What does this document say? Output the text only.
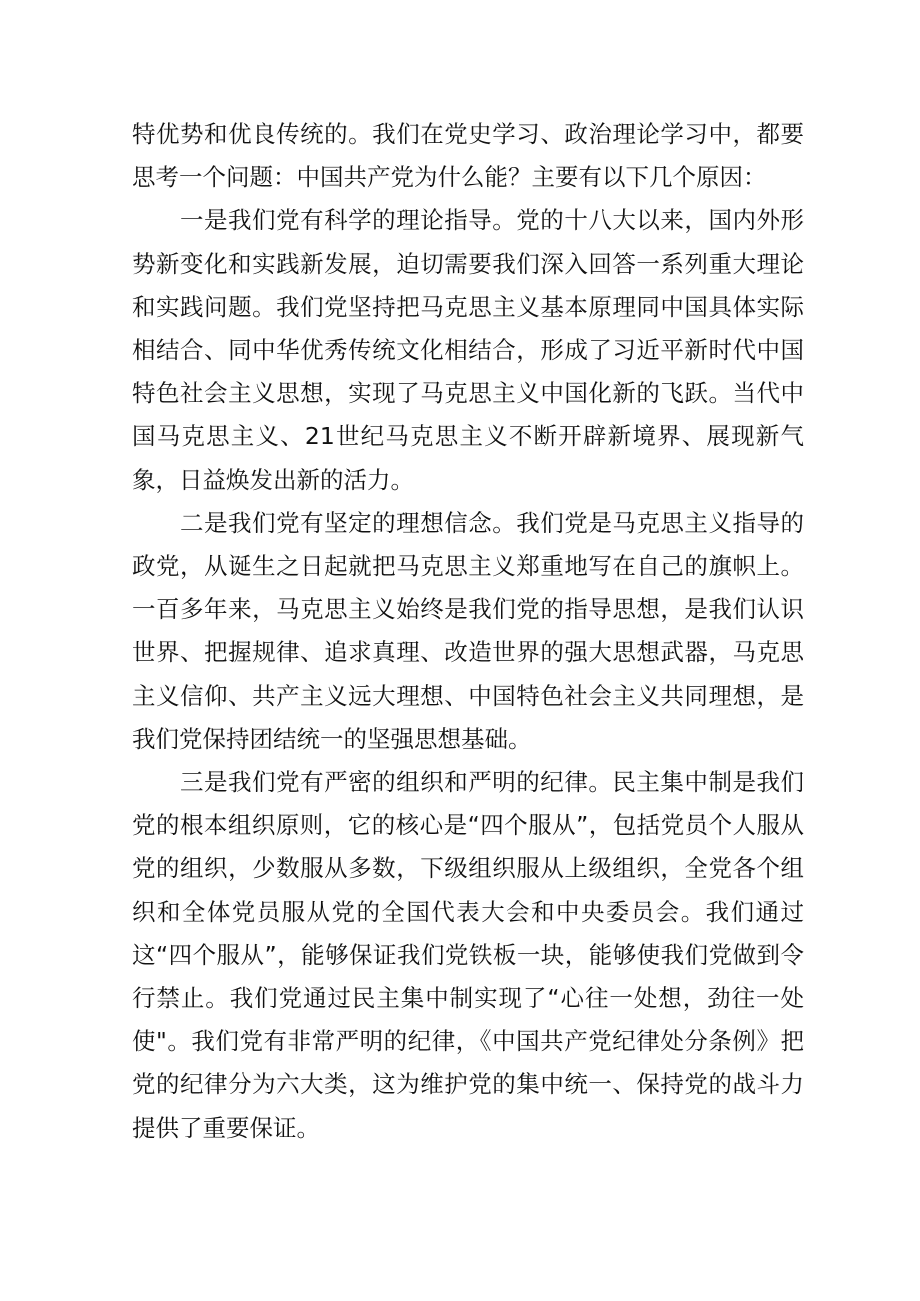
特优势和优良传统的。我们在党史学习、政治理论学习中，都要思考一个问题：中国共产党为什么能？主要有以下几个原因：

一是我们党有科学的理论指导。党的十八大以来，国内外形势新变化和实践新发展，迫切需要我们深入回答一系列重大理论和实践问题。我们党坚持把马克思主义基本原理同中国具体实际相结合、同中华优秀传统文化相结合，形成了习近平新时代中国特色社会主义思想，实现了马克思主义中国化新的飞跃。当代中国马克思主义、21世纪马克思主义不断开辟新境界、展现新气象，日益焕发出新的活力。

二是我们党有坚定的理想信念。我们党是马克思主义指导的政党，从诞生之日起就把马克思主义郑重地写在自己的旗帜上。一百多年来，马克思主义始终是我们党的指导思想，是我们认识世界、把握规律、追求真理、改造世界的强大思想武器，马克思主义信仰、共产主义远大理想、中国特色社会主义共同理想，是我们党保持团结统一的坚强思想基础。

三是我们党有严密的组织和严明的纪律。民主集中制是我们党的根本组织原则，它的核心是“四个服从”，包括党员个人服从党的组织，少数服从多数，下级组织服从上级组织，全党各个组织和全体党员服从党的全国代表大会和中央委员会。我们通过这“四个服从”，能够保证我们党铁板一块，能够使我们党做到令行禁止。我们党通过民主集中制实现了“心往一处想，劲往一处使"。我们党有非常严明的纪律，《中国共产党纪律处分条例》把党的纪律分为六大类，这为维护党的集中统一、保持党的战斗力提供了重要保证。
